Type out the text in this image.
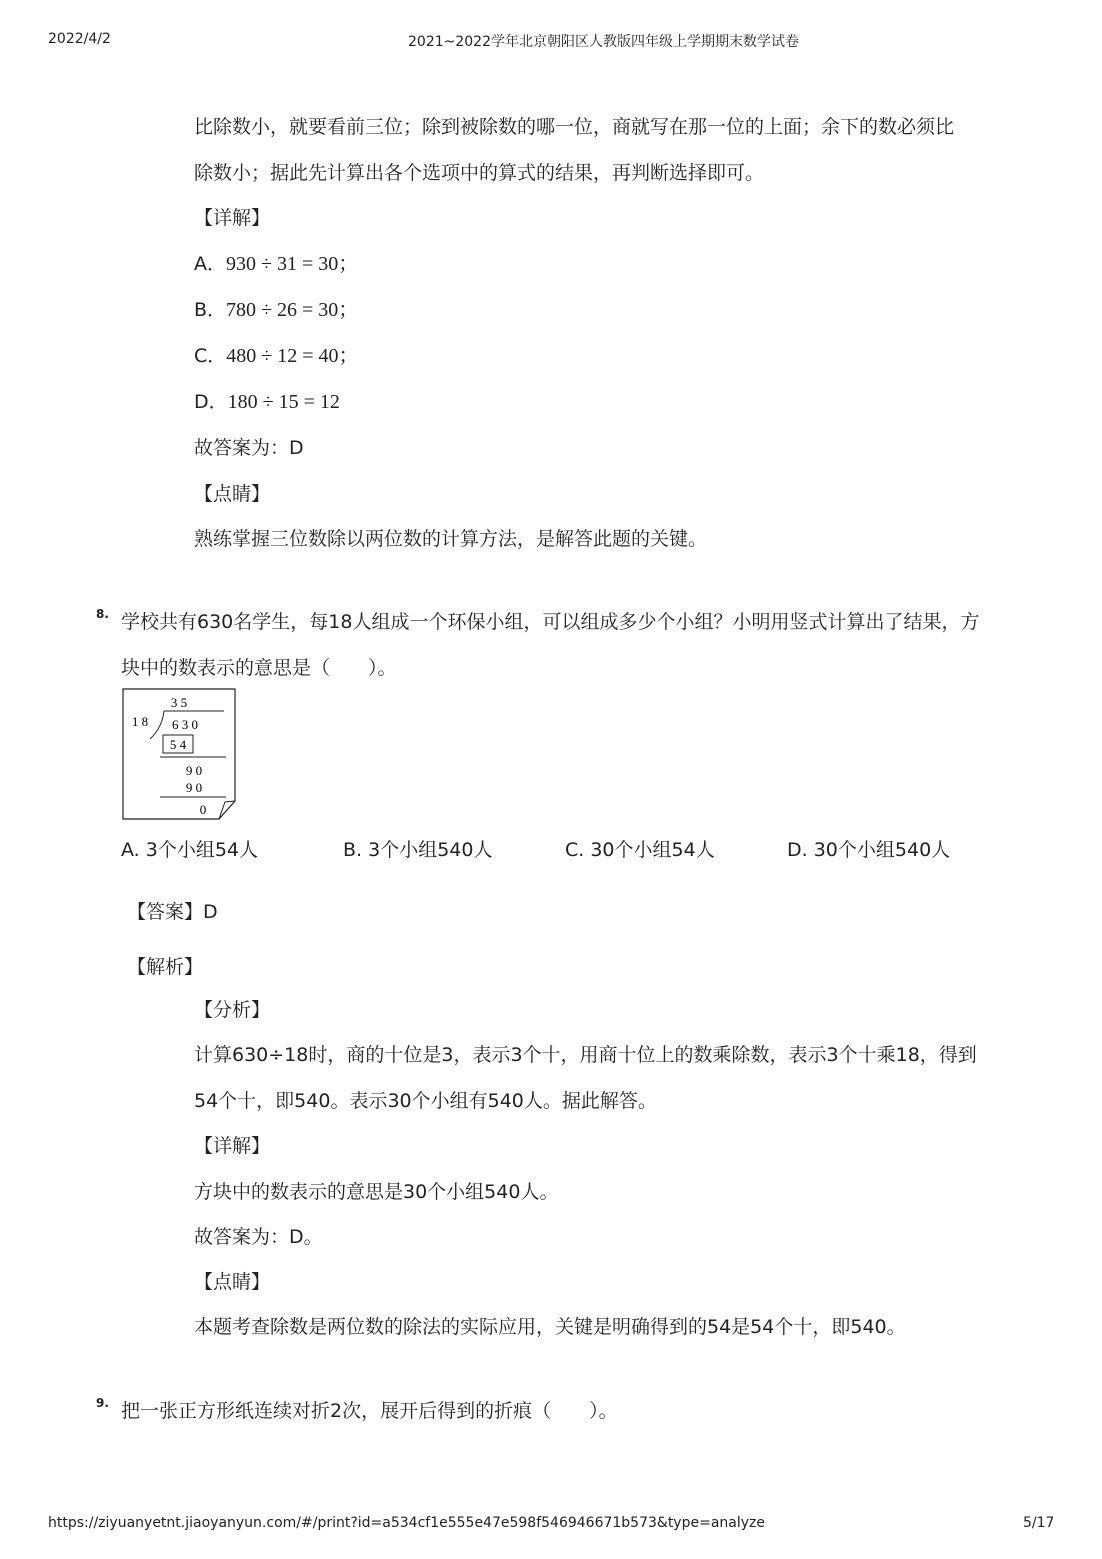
2022/4/2	2021~2022学年北京朝阳区人教版四年级上学期期末数学试卷
比除数小，就要看前三位；除到被除数的哪一位，商就写在那一位的上面；余下的数必须比
除数小；据此先计算出各个选项中的算式的结果，再判断选择即可。
【详解】
A．930 ÷ 31 = 30；
B．780 ÷ 26 = 30；
C．480 ÷ 12 = 40；
D．180 ÷ 15 = 12
故答案为：D
【点睛】
熟练掌握三位数除以两位数的计算方法，是解答此题的关键。
8. 学校共有630名学生，每18人组成一个环保小组，可以组成多少个小组？小明用竖式计算出了结果，方
块中的数表示的意思是（　　）。
3 5
1 8 6 3 0
5 4
9 0
9 0
0
A. 3个小组54人	B. 3个小组540人	C. 30个小组54人	D. 30个小组540人
【答案】D
【解析】
【分析】
计算630÷18时，商的十位是3，表示3个十，用商十位上的数乘除数，表示3个十乘18，得到
54个十，即540。表示30个小组有540人。据此解答。
【详解】
方块中的数表示的意思是30个小组540人。
故答案为：D。
【点睛】
本题考查除数是两位数的除法的实际应用，关键是明确得到的54是54个十，即540。
9. 把一张正方形纸连续对折2次，展开后得到的折痕（　　）。
https://ziyuanyetnt.jiaoyanyun.com/#/print?id=a534cf1e555e47e598f546946671b573&type=analyze	5/17
